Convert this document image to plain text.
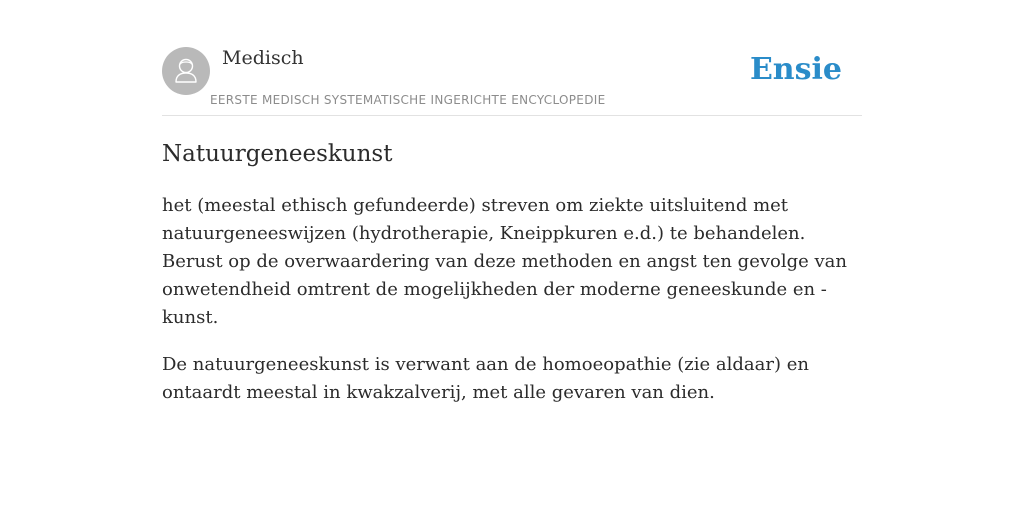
Medisch
EERSTE MEDISCH SYSTEMATISCHE INGERICHTE ENCYCLOPEDIE
Ensie
Natuurgeneeskunst

het (meestal ethisch gefundeerde) streven om ziekte uitsluitend met natuurgeneeswijzen (hydrotherapie, Kneippkuren e.d.) te behandelen. Berust op de overwaardering van deze methoden en angst ten gevolge van onwetendheid omtrent de mogelijkheden der moderne geneeskunde en -kunst.

De natuurgeneeskunst is verwant aan de homoeopathie (zie aldaar) en ontaardt meestal in kwakzalverij, met alle gevaren van dien.
